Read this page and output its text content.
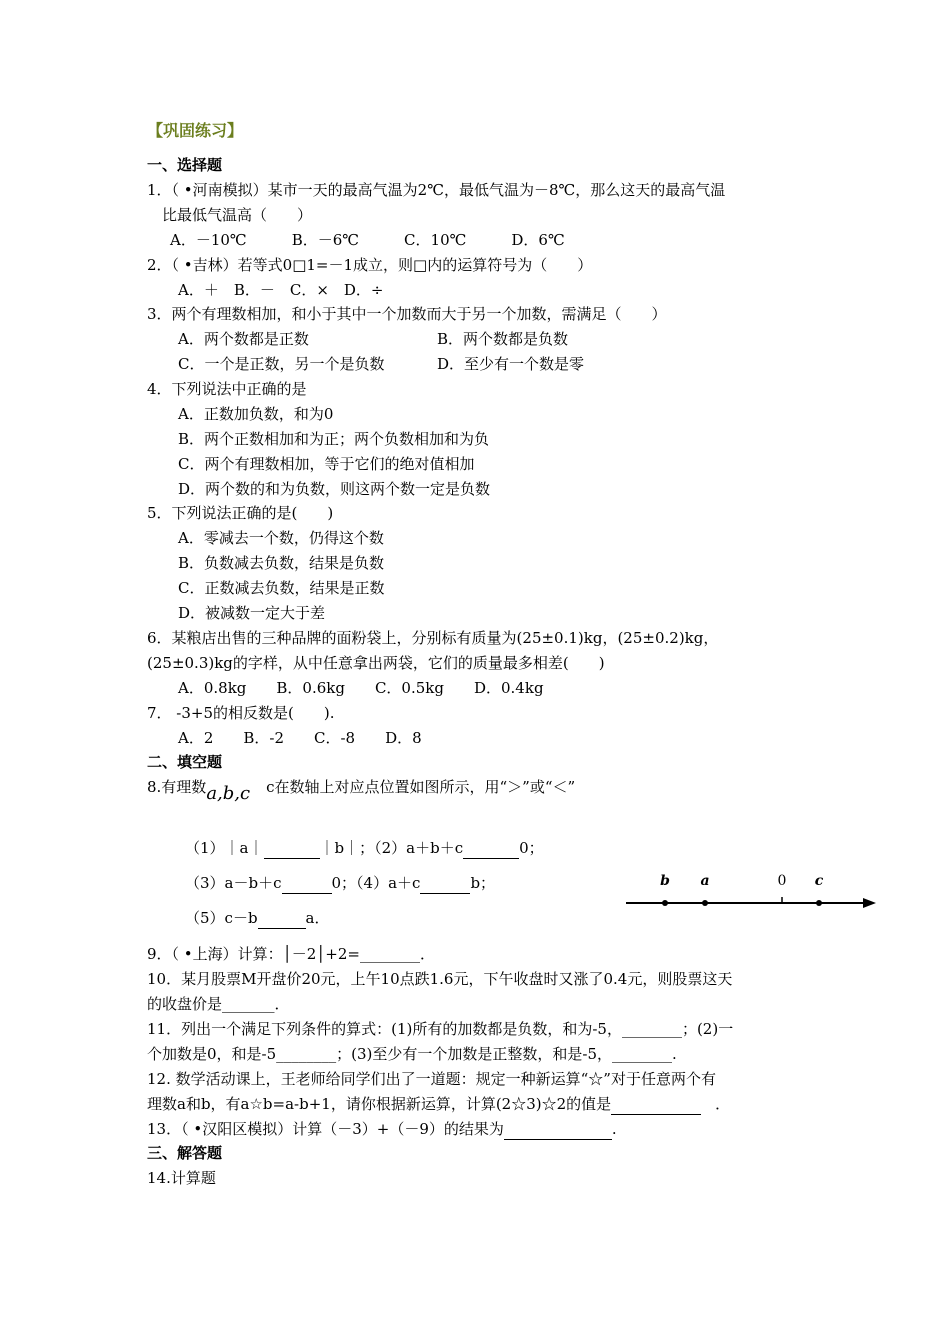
【巩固练习】
一、选择题
1．（ •河南模拟）某市一天的最高气温为2℃，最低气温为－8℃，那么这天的最高气温
比最低气温高（　　）
A．－10℃　　　B．－6℃　　　C．10℃　　　D．6℃
2．（ •吉林）若等式0□1=－1成立，则□内的运算符号为（　　）
A．＋　B．－　C．×　D．÷
3．两个有理数相加，和小于其中一个加数而大于另一个加数，需满足（　　）
A．两个数都是正数	B．两个数都是负数
C．一个是正数，另一个是负数	D．至少有一个数是零
4．下列说法中正确的是
A．正数加负数，和为0
B．两个正数相加和为正；两个负数相加和为负
C．两个有理数相加，等于它们的绝对值相加
D．两个数的和为负数，则这两个数一定是负数
5．下列说法正确的是(　　)
A．零减去一个数，仍得这个数
B．负数减去负数，结果是负数
C．正数减去负数，结果是正数
D．被减数一定大于差
6．某粮店出售的三种品牌的面粉袋上，分别标有质量为(25±0.1)kg，(25±0.2)kg，
(25±0.3)kg的字样，从中任意拿出两袋，它们的质量最多相差(　　)
A．0.8kg　　B．0.6kg　　C．0.5kg　　D．0.4kg
7． -3+5的相反数是(　　).
A．2　　B．-2　　C．-8　　D．8
二、填空题
8.有理数a,b,c c在数轴上对应点位置如图所示，用“＞”或“＜”
（1）｜a｜	｜b｜；（2）a＋b＋c	0；
（3）a－b＋c	0；（4）a＋c	b；
（5）c－b	a．
b a	0 c
9．（ •上海）计算：│－2│+2=________．
10．某月股票M开盘价20元，上午10点跌1.6元，下午收盘时又涨了0.4元，则股票这天
的收盘价是_______．
11．列出一个满足下列条件的算式：(1)所有的加数都是负数，和为-5，________；(2)一
个加数是0，和是-5________；(3)至少有一个加数是正整数，和是-5，________.
12. 数学活动课上，王老师给同学们出了一道题：规定一种新运算“☆”对于任意两个有
理数a和b，有a☆b=a-b+1，请你根据新运算，计算(2☆3)☆2的值是	．
13．（ •汉阳区模拟）计算（－3）+（－9）的结果为	.
三、解答题
14.计算题
